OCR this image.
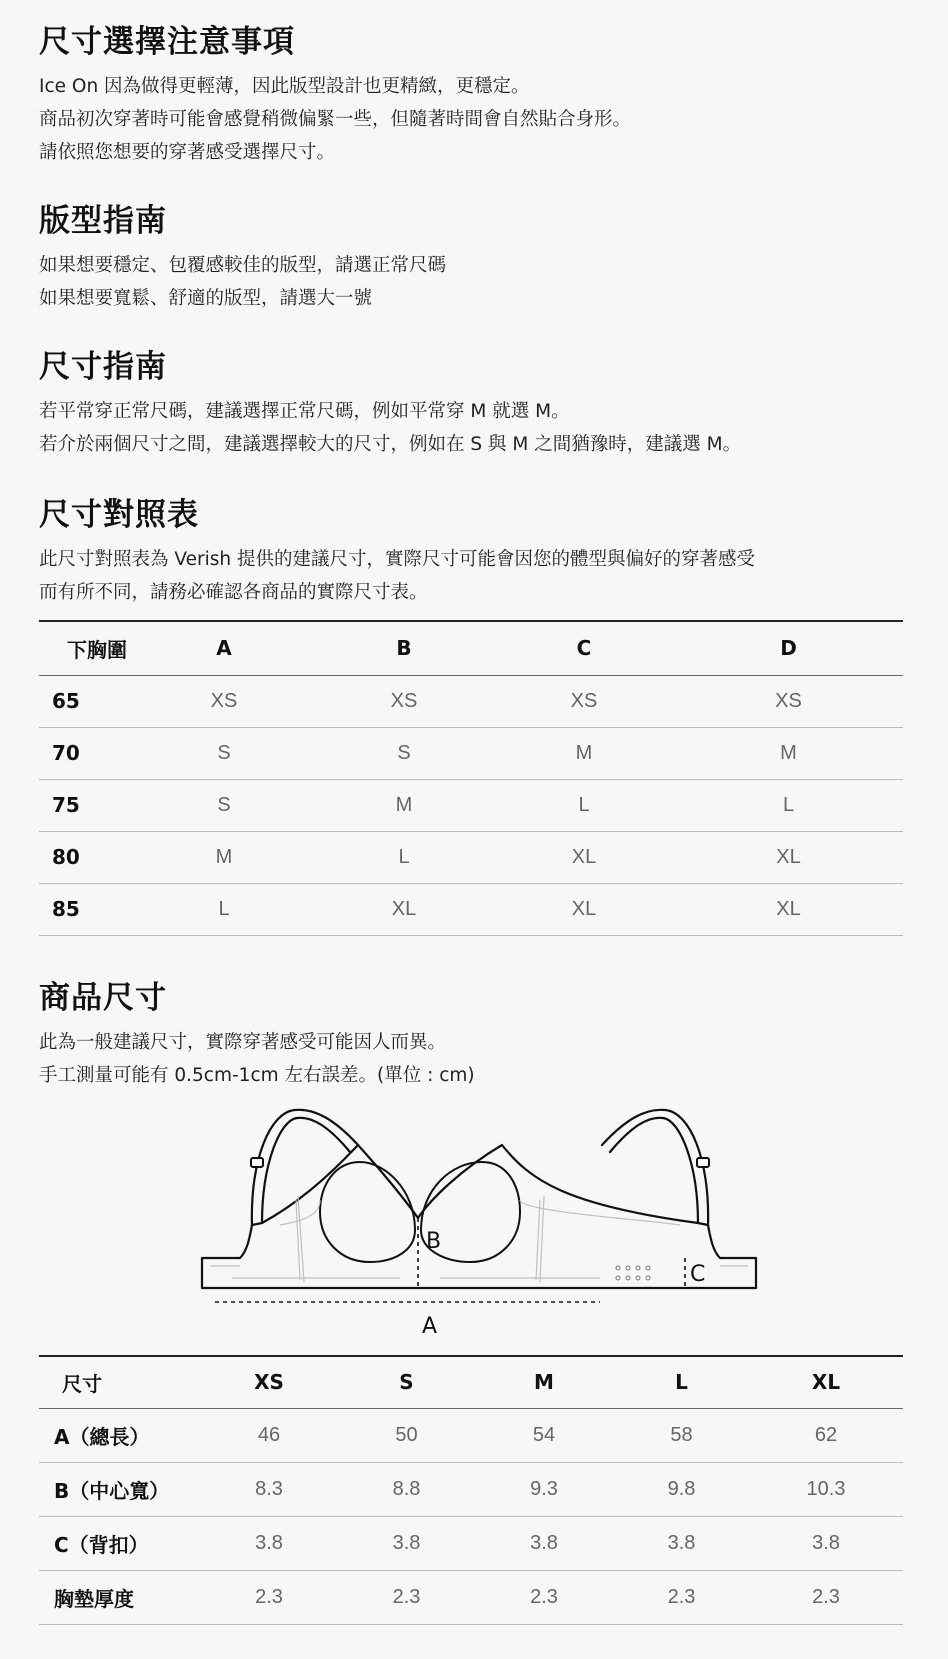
尺寸選擇注意事項

Ice On 因為做得更輕薄，因此版型設計也更精緻，更穩定。

商品初次穿著時可能會感覺稍微偏緊一些，但隨著時間會自然貼合身形。

請依照您想要的穿著感受選擇尺寸。

版型指南

如果想要穩定、包覆感較佳的版型，請選正常尺碼

如果想要寬鬆、舒適的版型，請選大一號

尺寸指南

若平常穿正常尺碼，建議選擇正常尺碼，例如平常穿 M 就選 M。

若介於兩個尺寸之間，建議選擇較大的尺寸，例如在 S 與 M 之間猶豫時，建議選 M。

尺寸對照表

此尺寸對照表為 Verish 提供的建議尺寸，實際尺寸可能會因您的體型與偏好的穿著感受

而有所不同，請務必確認各商品的實際尺寸表。

下胸圍	A	B	C	D
65	XS	XS	XS	XS
70	S	S	M	M
75	S	M	L	L
80	M	L	XL	XL
85	L	XL	XL	XL
商品尺寸

此為一般建議尺寸，實際穿著感受可能因人而異。

手工測量可能有 0.5cm-1cm 左右誤差。(單位 : cm)

A
B
C
尺寸	XS	S	M	L	XL
A（總長）	46	50	54	58	62
B（中心寬）	8.3	8.8	9.3	9.8	10.3
C（背扣）	3.8	3.8	3.8	3.8	3.8
胸墊厚度	2.3	2.3	2.3	2.3	2.3
